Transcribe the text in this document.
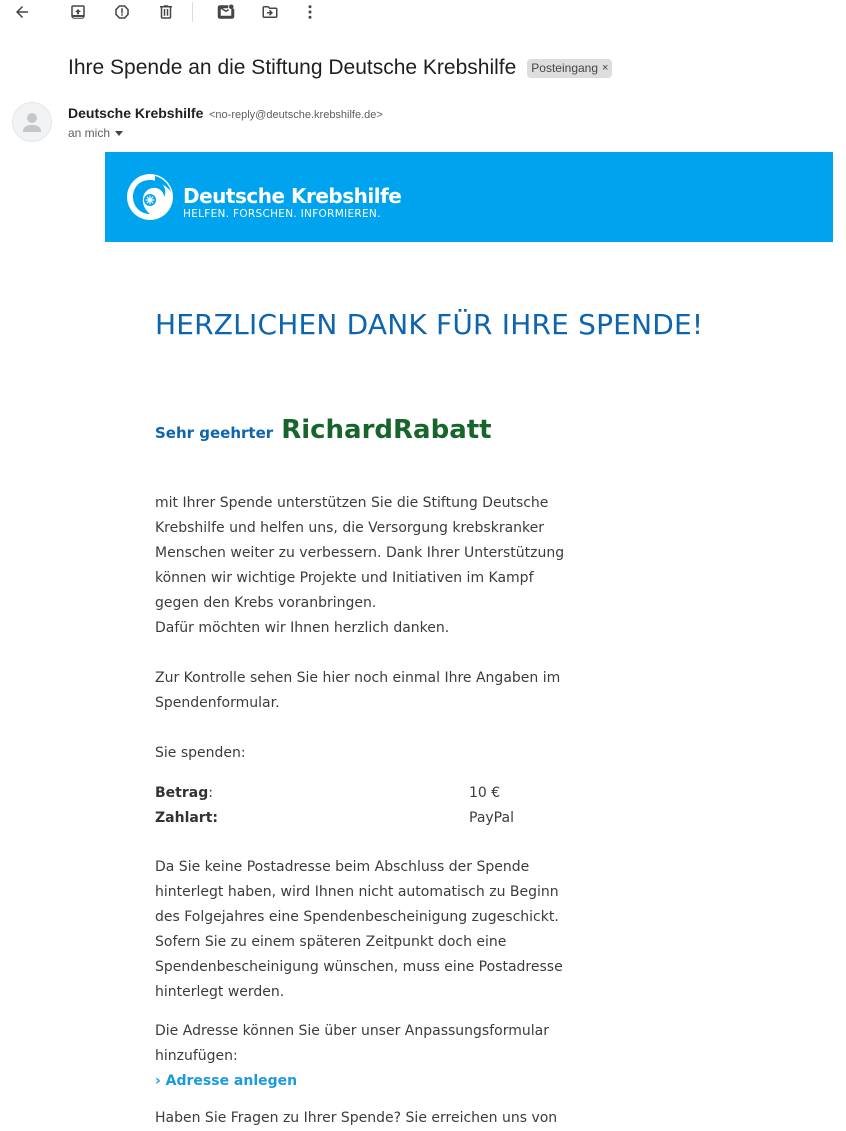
Ihre Spende an die Stiftung Deutsche Krebshilfe Posteingang ×
Deutsche Krebshilfe <no-reply@deutsche.krebshilfe.de>
an mich
Deutsche Krebshilfe
HELFEN. FORSCHEN. INFORMIEREN.
HERZLICHEN DANK FÜR IHRE SPENDE!
Sehr geehrter RichardRabatt

mit Ihrer Spende unterstützen Sie die Stiftung Deutsche Krebshilfe und helfen uns, die Versorgung krebskranker Menschen weiter zu verbessern. Dank Ihrer Unterstützung können wir wichtige Projekte und Initiativen im Kampf gegen den Krebs voranbringen.

Dafür möchten wir Ihnen herzlich danken.

Zur Kontrolle sehen Sie hier noch einmal Ihre Angaben im Spendenformular.

Sie spenden:

Betrag:	10 €
Zahlart:	PayPal

Da Sie keine Postadresse beim Abschluss der Spende hinterlegt haben, wird Ihnen nicht automatisch zu Beginn des Folgejahres eine Spendenbescheinigung zugeschickt. Sofern Sie zu einem späteren Zeitpunkt doch eine Spendenbescheinigung wünschen, muss eine Postadresse hinterlegt werden.

Die Adresse können Sie über unser Anpassungsformular hinzufügen:

› Adresse anlegen

Haben Sie Fragen zu Ihrer Spende? Sie erreichen uns von
